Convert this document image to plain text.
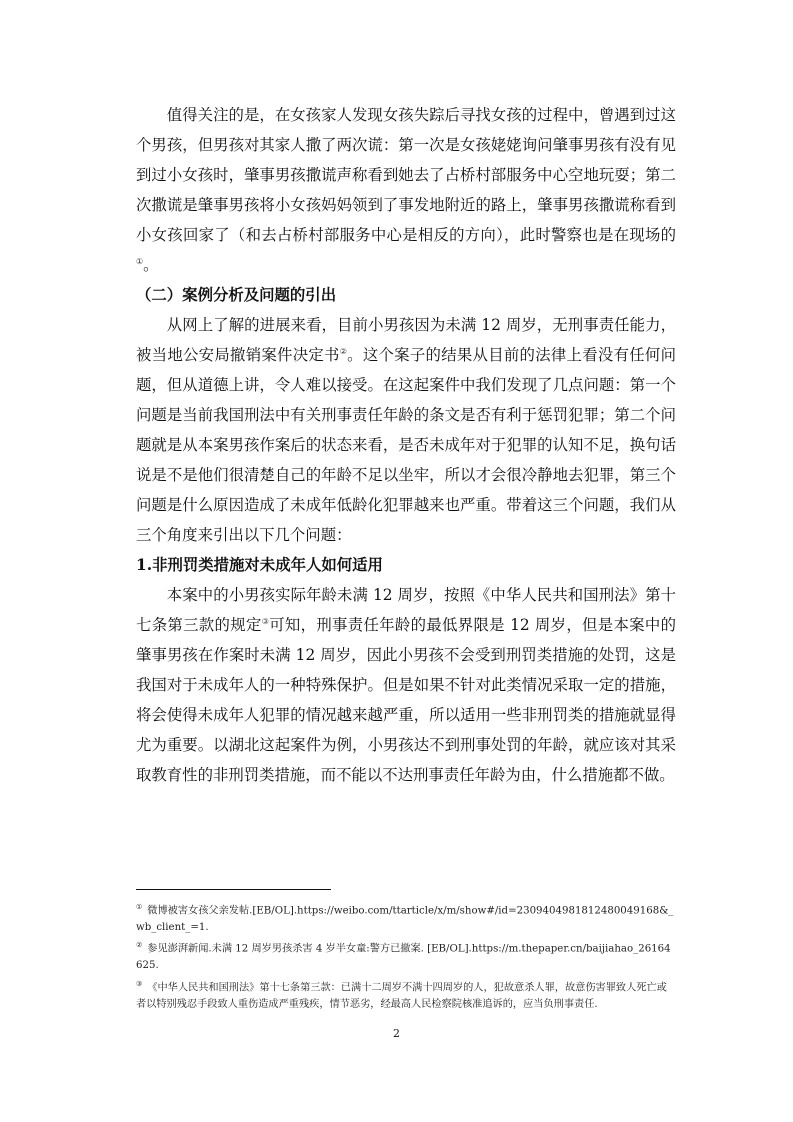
值得关注的是，在女孩家人发现女孩失踪后寻找女孩的过程中，曾遇到过这个男孩，但男孩对其家人撒了两次谎：第一次是女孩姥姥询问肇事男孩有没有见到过小女孩时，肇事男孩撒谎声称看到她去了占桥村部服务中心空地玩耍；第二次撒谎是肇事男孩将小女孩妈妈领到了事发地附近的路上，肇事男孩撒谎称看到小女孩回家了（和去占桥村部服务中心是相反的方向），此时警察也是在现场的①。

（二）案例分析及问题的引出

从网上了解的进展来看，目前小男孩因为未满 12 周岁，无刑事责任能力，被当地公安局撤销案件决定书②。这个案子的结果从目前的法律上看没有任何问题，但从道德上讲，令人难以接受。在这起案件中我们发现了几点问题：第一个问题是当前我国刑法中有关刑事责任年龄的条文是否有利于惩罚犯罪；第二个问题就是从本案男孩作案后的状态来看，是否未成年对于犯罪的认知不足，换句话说是不是他们很清楚自己的年龄不足以坐牢，所以才会很冷静地去犯罪，第三个问题是什么原因造成了未成年低龄化犯罪越来也严重。带着这三个问题，我们从三个角度来引出以下几个问题：

1.非刑罚类措施对未成年人如何适用

本案中的小男孩实际年龄未满 12 周岁，按照《中华人民共和国刑法》第十七条第三款的规定③可知，刑事责任年龄的最低界限是 12 周岁，但是本案中的肇事男孩在作案时未满 12 周岁，因此小男孩不会受到刑罚类措施的处罚，这是我国对于未成年人的一种特殊保护。但是如果不针对此类情况采取一定的措施，将会使得未成年人犯罪的情况越来越严重，所以适用一些非刑罚类的措施就显得尤为重要。以湖北这起案件为例，小男孩达不到刑事处罚的年龄，就应该对其采取教育性的非刑罚类措施，而不能以不达刑事责任年龄为由，什么措施都不做。

① 微博被害女孩父亲发帖.[EB/OL].https://weibo.com/ttarticle/x/m/show#/id=2309404981812480049168&_wb_client_=1.

② 参见澎湃新闻.未满 12 周岁男孩杀害 4 岁半女童:警方已撤案. [EB/OL].https://m.thepaper.cn/baijiahao_26164625.

③ 《中华人民共和国刑法》第十七条第三款：已满十二周岁不满十四周岁的人，犯故意杀人罪，故意伤害罪致人死亡或者以特别残忍手段致人重伤造成严重残疾，情节恶劣，经最高人民检察院核准追诉的，应当负刑事责任.

2
